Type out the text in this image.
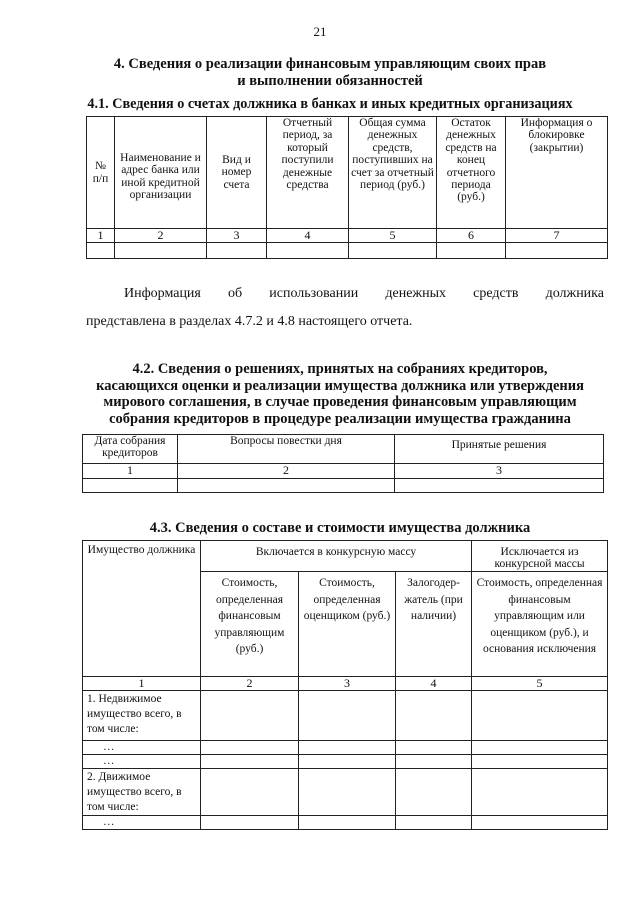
21
4. Сведения о реализации финансовым управляющим своих прав
и выполнении обязанностей
4.1. Сведения о счетах должника в банках и иных кредитных организациях
№ п/п	Наименование и адрес банка или иной кредитной организации	Вид и номер счета	Отчетный период, за который поступили денежные средства	Общая сумма денежных средств, поступивших на счет за отчетный период (руб.)	Остаток денежных средств на конец отчетного периода (руб.)	Информация о блокировке (закрытии)
1	2	3	4	5	6	7

Информация об использовании денежных средств должника
представлена в разделах 4.7.2 и 4.8 настоящего отчета.
4.2. Сведения о решениях, принятых на собраниях кредиторов,
касающихся оценки и реализации имущества должника или утверждения
мирового соглашения, в случае проведения финансовым управляющим
собрания кредиторов в процедуре реализации имущества гражданина
Дата собрания кредиторов	Вопросы повестки дня	Принятые решения
1	2	3

4.3. Сведения о составе и стоимости имущества должника
Имущество должника	Включается в конкурсную массу			Исключается из конкурсной массы
	Стоимость, определенная финансовым управляющим (руб.)	Стоимость, определенная оценщиком (руб.)	Залогодер-жатель (при наличии)	Стоимость, определенная финансовым управляющим или оценщиком (руб.), и основания исключения
1	2	3	4	5
1. Недвижимое имущество всего, в том числе:				
…				
…				
2. Движимое имущество всего, в том числе:				
…				
